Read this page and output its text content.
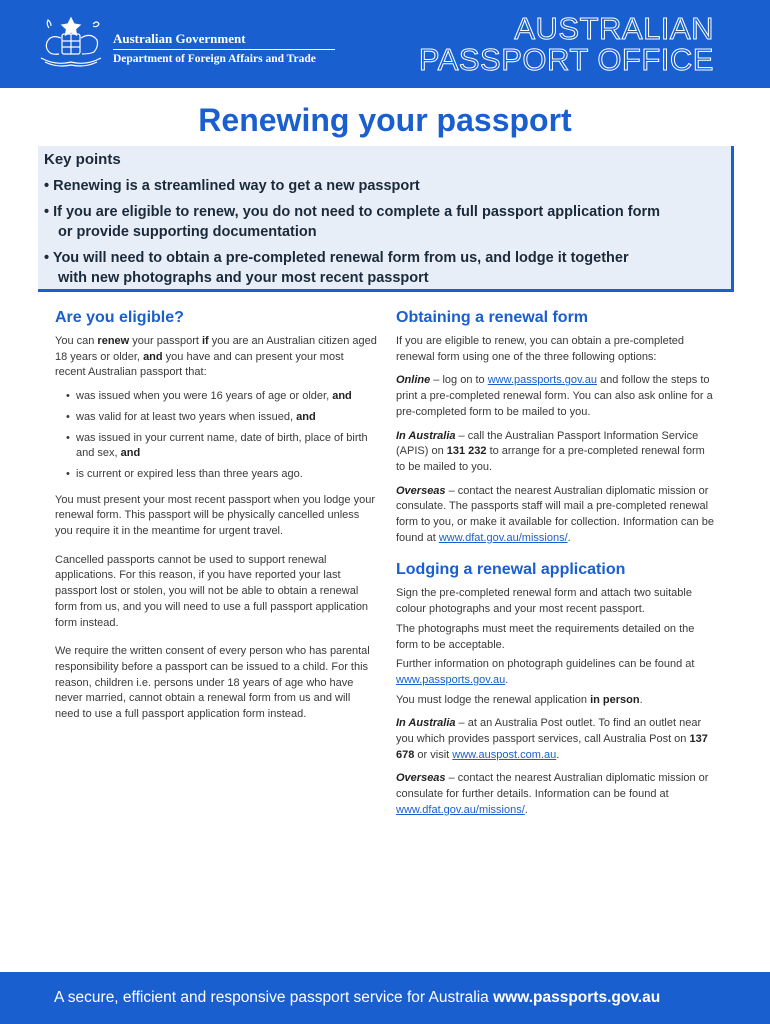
Australian Government
Department of Foreign Affairs and Trade
AUSTRALIAN
PASSPORT OFFICE
Renewing your passport
Key points
• Renewing is a streamlined way to get a new passport
• If you are eligible to renew, you do not need to complete a full passport application form
or provide supporting documentation
• You will need to obtain a pre-completed renewal form from us, and lodge it together
with new photographs and your most recent passport
Are you eligible?

You can renew your passport if you are an Australian citizen aged 18 years or older, and you have and can present your most recent Australian passport that:

• was issued when you were 16 years of age or older, and
• was valid for at least two years when issued, and
• was issued in your current name, date of birth, place of birth and sex, and
• is current or expired less than three years ago.

You must present your most recent passport when you lodge your renewal form. This passport will be physically cancelled unless you require it in the meantime for urgent travel.

Cancelled passports cannot be used to support renewal applications. For this reason, if you have reported your last passport lost or stolen, you will not be able to obtain a renewal form from us, and you will need to use a full passport application form instead.

We require the written consent of every person who has parental responsibility before a passport can be issued to a child. For this reason, children i.e. persons under 18 years of age who have never married, cannot obtain a renewal form from us and will need to use a full passport application form instead.

Obtaining a renewal form

If you are eligible to renew, you can obtain a pre-completed renewal form using one of the three following options:

Online – log on to www.passports.gov.au and follow the steps to print a pre-completed renewal form. You can also ask online for a pre-completed form to be mailed to you.

In Australia – call the Australian Passport Information Service (APIS) on 131 232 to arrange for a pre-completed renewal form to be mailed to you.

Overseas – contact the nearest Australian diplomatic mission or consulate. The passports staff will mail a pre-completed renewal form to you, or make it available for collection. Information can be found at www.dfat.gov.au/missions/.

Lodging a renewal application

Sign the pre-completed renewal form and attach two suitable colour photographs and your most recent passport.

The photographs must meet the requirements detailed on the form to be acceptable.

Further information on photograph guidelines can be found at www.passports.gov.au.

You must lodge the renewal application in person.

In Australia – at an Australia Post outlet. To find an outlet near you which provides passport services, call Australia Post on 137 678 or visit www.auspost.com.au.

Overseas – contact the nearest Australian diplomatic mission or consulate for further details. Information can be found at www.dfat.gov.au/missions/.

A secure, efficient and responsive passport service for Australia www.passports.gov.au
